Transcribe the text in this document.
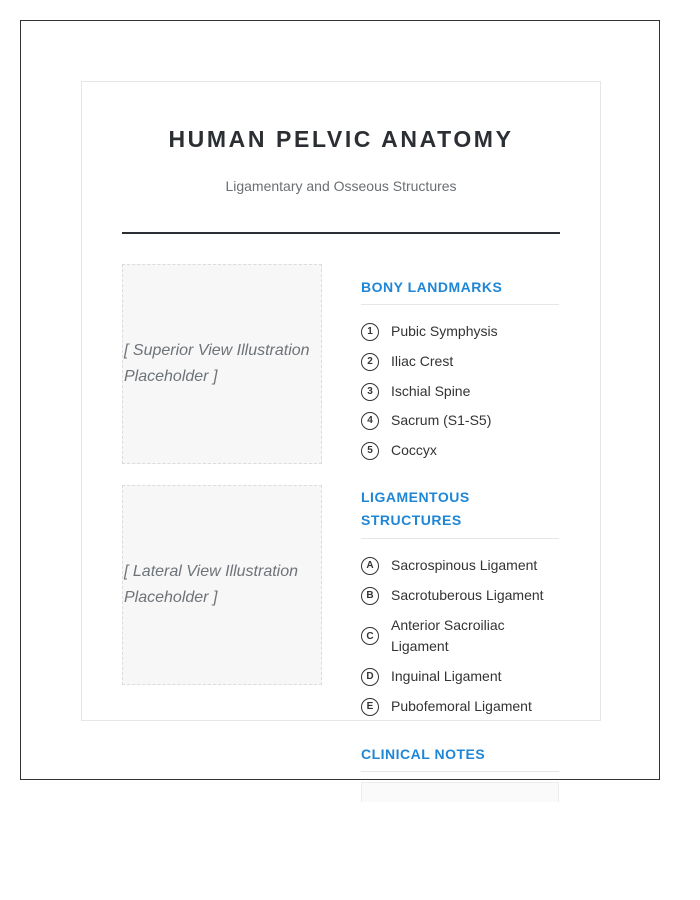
HUMAN PELVIC ANATOMY
Ligamentary and Osseous Structures
[ Superior View Illustration Placeholder ]
[ Lateral View Illustration Placeholder ]
BONY LANDMARKS
1	Pubic Symphysis
2	Iliac Crest
3	Ischial Spine
4	Sacrum (S1-S5)
5	Coccyx
LIGAMENTOUS STRUCTURES
A	Sacrospinous Ligament
B	Sacrotuberous Ligament
C
Anterior Sacroiliac Ligament
D	Inguinal Ligament
E	Pubofemoral Ligament
CLINICAL NOTES
